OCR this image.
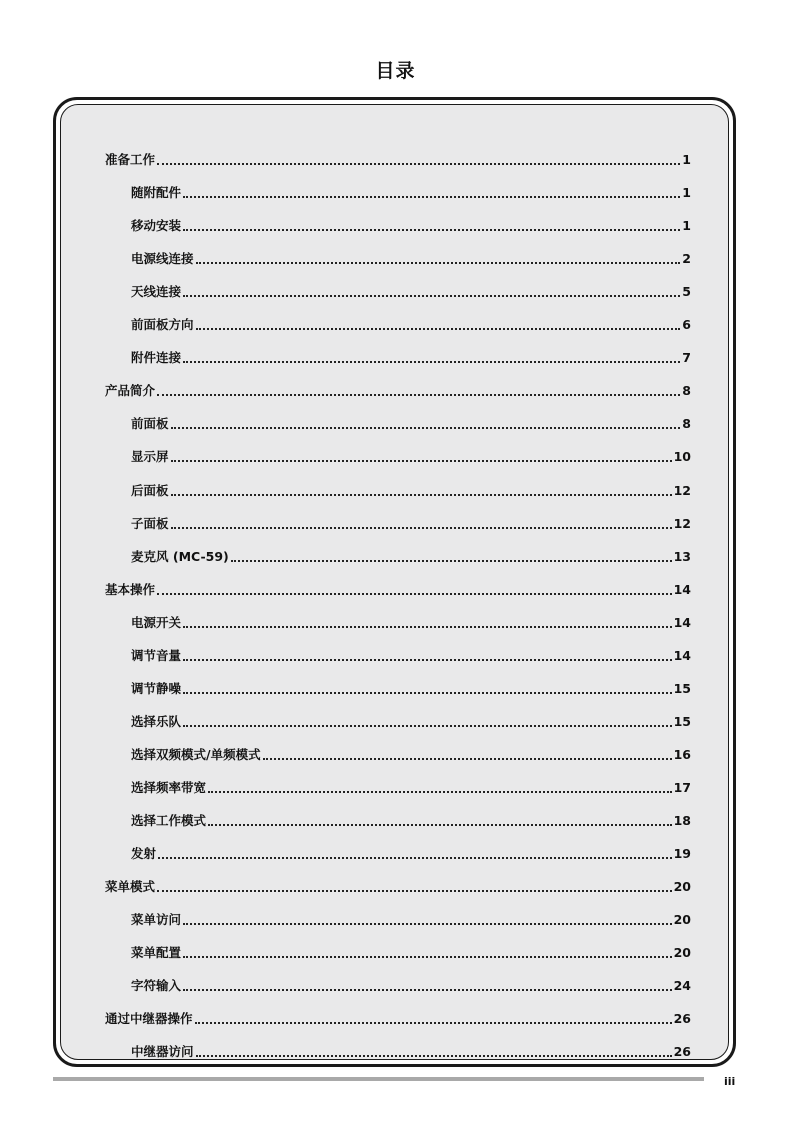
目录
准备工作	1
随附配件	1
移动安装	1
电源线连接	2
天线连接	5
前面板方向	6
附件连接	7
产品简介	8
前面板	8
显示屏	10
后面板	12
子面板	12
麦克风 (MC-59)	13
基本操作	14
电源开关	14
调节音量	14
调节静噪	15
选择乐队	15
选择双频模式/单频模式	16
选择频率带宽	17
选择工作模式	18
发射	19
菜单模式	20
菜单访问	20
菜单配置	20
字符输入	24
通过中继器操作	26
中继器访问	26
iii
